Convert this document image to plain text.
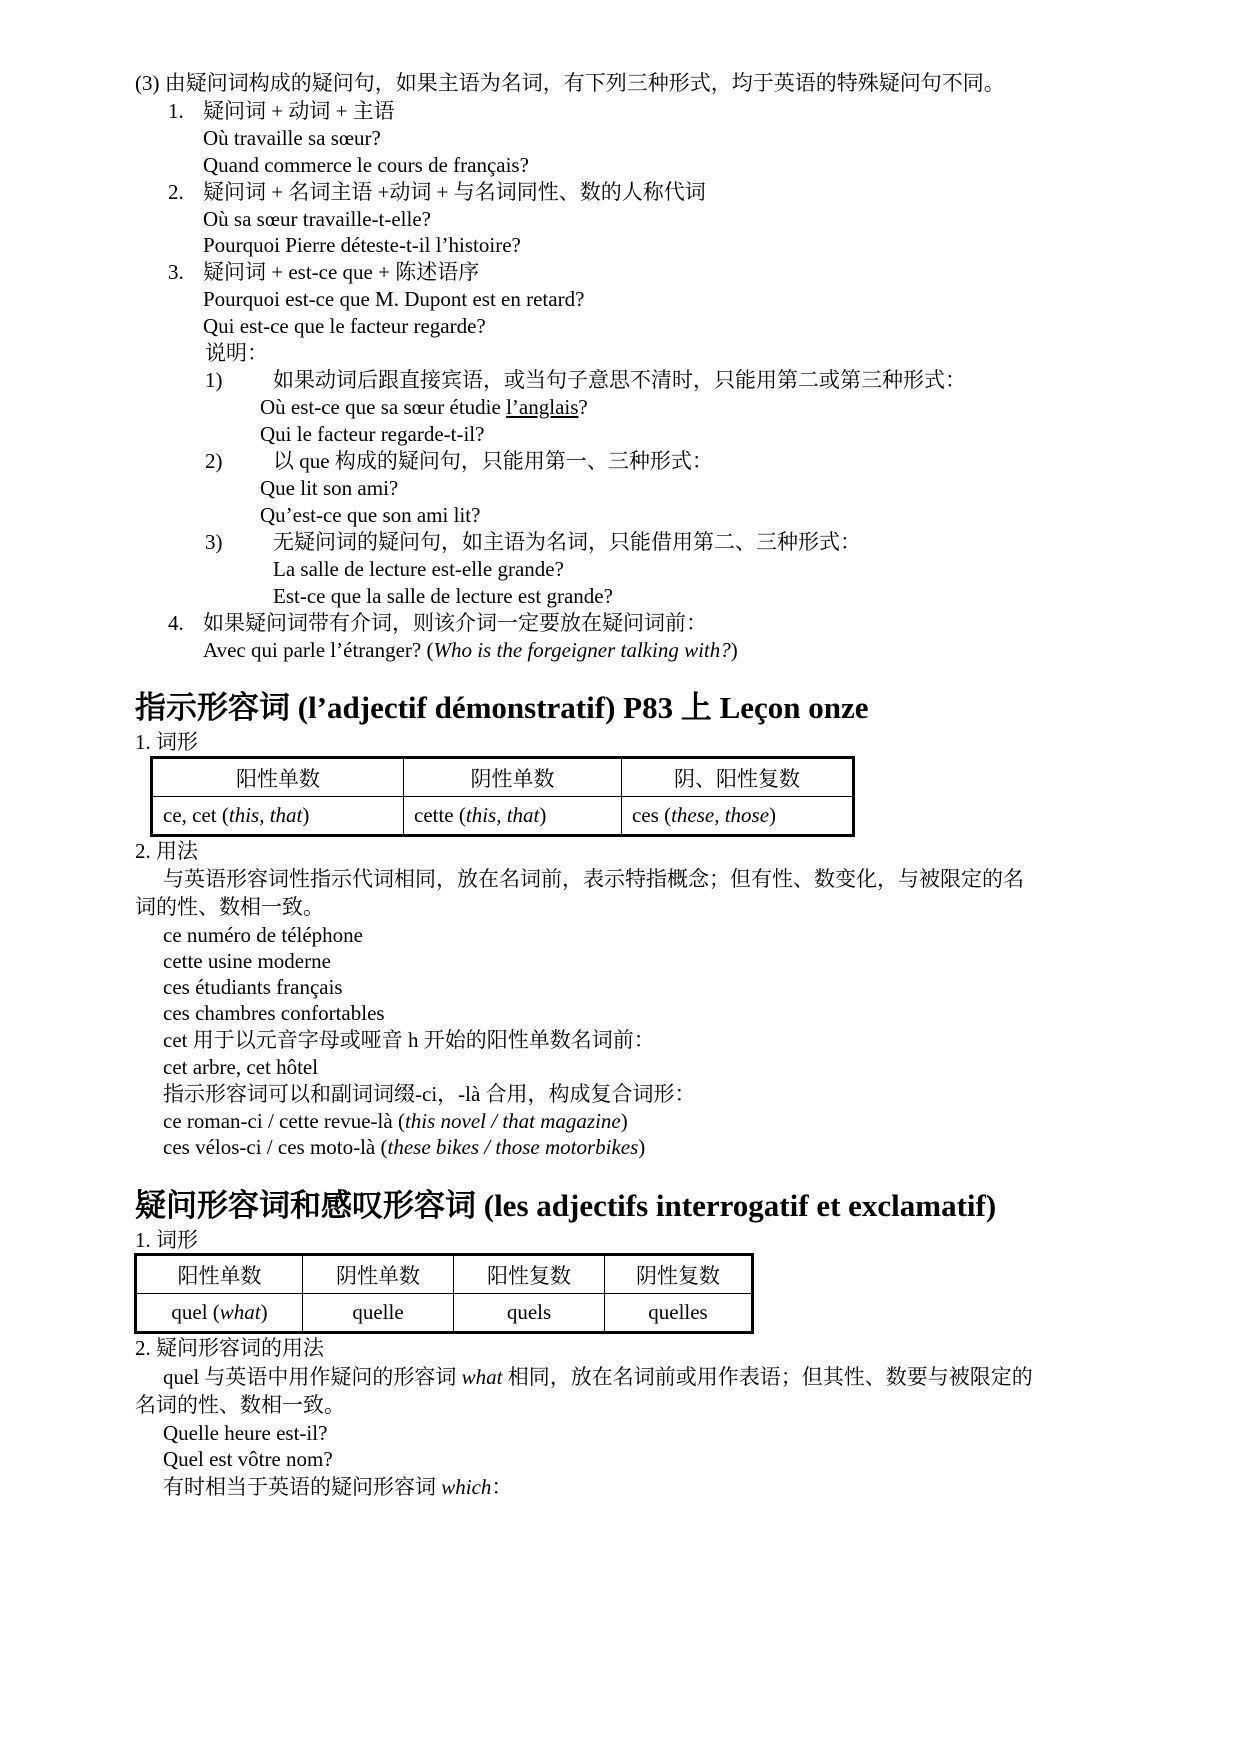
(3) 由疑问词构成的疑问句，如果主语为名词，有下列三种形式，均于英语的特殊疑问句不同。
1. 疑问词 + 动词 + 主语
Où travaille sa sœur?
Quand commerce le cours de français?
2. 疑问词 + 名词主语 +动词 + 与名词同性、数的人称代词
Où sa sœur travaille-t-elle?
Pourquoi Pierre déteste-t-il l’histoire?
3. 疑问词 + est-ce que + 陈述语序
Pourquoi est-ce que M. Dupont est en retard?
Qui est-ce que le facteur regarde?
说明：
1) 如果动词后跟直接宾语，或当句子意思不清时，只能用第二或第三种形式：
Où est-ce que sa sœur étudie l’anglais?
Qui le facteur regarde-t-il?
2) 以 que 构成的疑问句，只能用第一、三种形式：
Que lit son ami?
Qu’est-ce que son ami lit?
3) 无疑问词的疑问句，如主语为名词，只能借用第二、三种形式：
La salle de lecture est-elle grande?
Est-ce que la salle de lecture est grande?
4. 如果疑问词带有介词，则该介词一定要放在疑问词前：
Avec qui parle l’étranger? (Who is the forgeigner talking with?)
指示形容词 (l’adjectif démonstratif) P83 上 Leçon onze
1. 词形
阳性单数	阴性单数	阴、阳性复数
ce, cet (this, that)	cette (this, that)	ces (these, those)
2. 用法
与英语形容词性指示代词相同，放在名词前，表示特指概念；但有性、数变化，与被限定的名
词的性、数相一致。
ce numéro de téléphone
cette usine moderne
ces étudiants français
ces chambres confortables
cet 用于以元音字母或哑音 h 开始的阳性单数名词前：
cet arbre, cet hôtel
指示形容词可以和副词词缀-ci，-là 合用，构成复合词形：
ce roman-ci / cette revue-là (this novel / that magazine)
ces vélos-ci / ces moto-là (these bikes / those motorbikes)
疑问形容词和感叹形容词 (les adjectifs interrogatif et exclamatif)
1. 词形
阳性单数	阴性单数	阳性复数	阴性复数
quel (what)	quelle	quels	quelles
2. 疑问形容词的用法
quel 与英语中用作疑问的形容词 what 相同，放在名词前或用作表语；但其性、数要与被限定的
名词的性、数相一致。
Quelle heure est-il?
Quel est vôtre nom?
有时相当于英语的疑问形容词 which：
